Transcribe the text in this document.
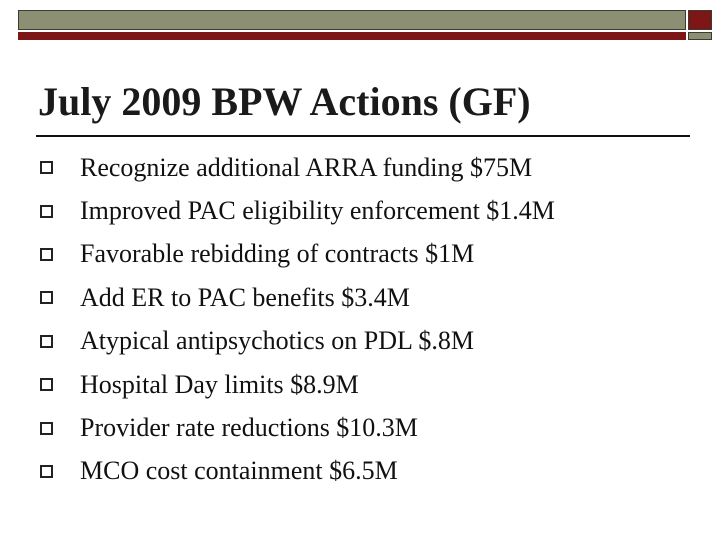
July 2009 BPW Actions (GF)
Recognize additional ARRA funding $75M
Improved PAC eligibility enforcement $1.4M
Favorable rebidding of contracts $1M
Add ER to PAC benefits $3.4M
Atypical antipsychotics on PDL $.8M
Hospital Day limits $8.9M
Provider rate reductions $10.3M
MCO cost containment $6.5M
